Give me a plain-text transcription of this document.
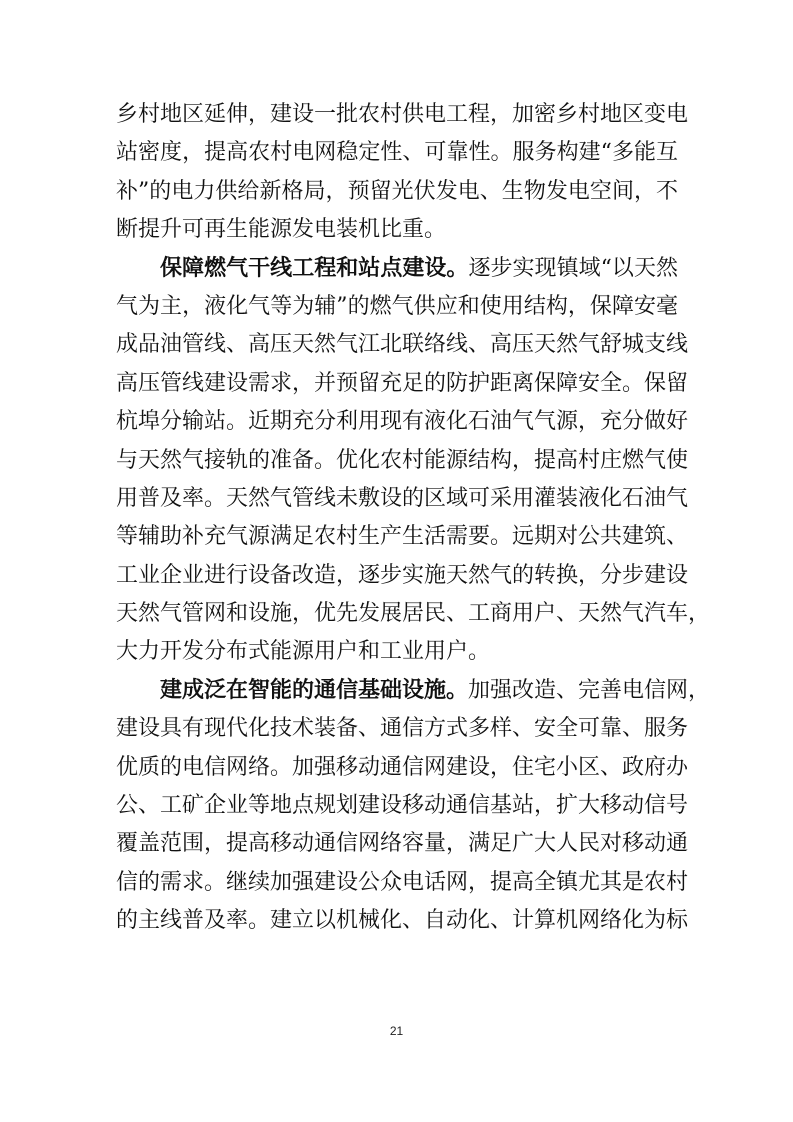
乡村地区延伸，建设一批农村供电工程，加密乡村地区变电
站密度，提高农村电网稳定性、可靠性。服务构建“多能互
补”的电力供给新格局，预留光伏发电、生物发电空间，不
断提升可再生能源发电装机比重。
保障燃气干线工程和站点建设。逐步实现镇域“以天然
气为主，液化气等为辅”的燃气供应和使用结构，保障安毫
成品油管线、高压天然气江北联络线、高压天然气舒城支线
高压管线建设需求，并预留充足的防护距离保障安全。保留
杭埠分输站。近期充分利用现有液化石油气气源，充分做好
与天然气接轨的准备。优化农村能源结构，提高村庄燃气使
用普及率。天然气管线未敷设的区域可采用灌装液化石油气
等辅助补充气源满足农村生产生活需要。远期对公共建筑、
工业企业进行设备改造，逐步实施天然气的转换，分步建设
天然气管网和设施，优先发展居民、工商用户、天然气汽车，
大力开发分布式能源用户和工业用户。
建成泛在智能的通信基础设施。加强改造、完善电信网，
建设具有现代化技术装备、通信方式多样、安全可靠、服务
优质的电信网络。加强移动通信网建设，住宅小区、政府办
公、工矿企业等地点规划建设移动通信基站，扩大移动信号
覆盖范围，提高移动通信网络容量，满足广大人民对移动通
信的需求。继续加强建设公众电话网，提高全镇尤其是农村
的主线普及率。建立以机械化、自动化、计算机网络化为标
21
